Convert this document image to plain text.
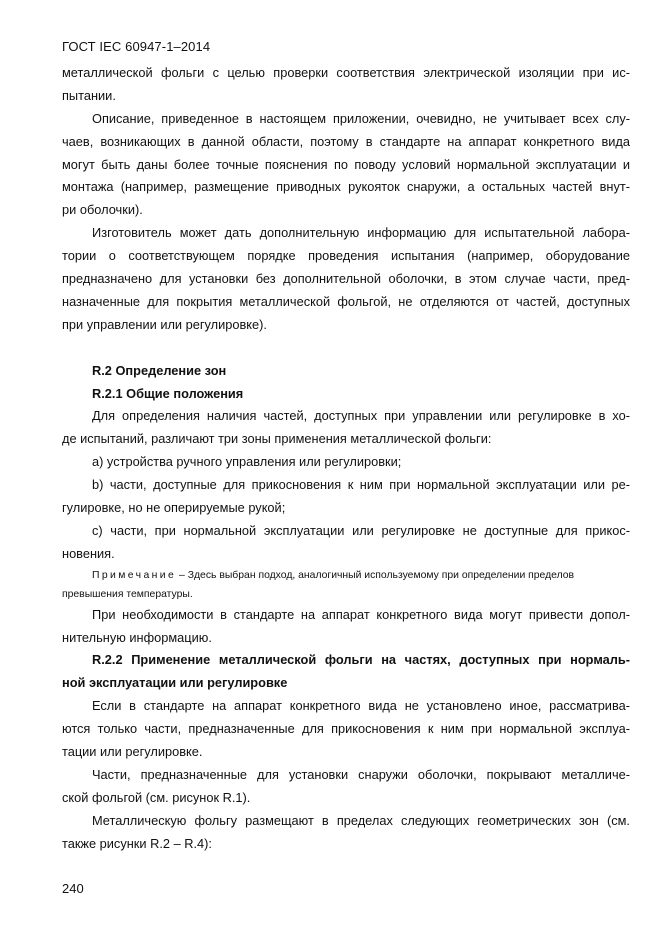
ГОСТ IEC 60947-1–2014
металлической фольги с целью проверки соответствия электрической изоляции при ис-
пытании.
Описание, приведенное в настоящем приложении, очевидно, не учитывает всех слу-
чаев, возникающих в данной области, поэтому в стандарте на аппарат конкретного вида
могут быть даны более точные пояснения по поводу условий нормальной эксплуатации и
монтажа (например, размещение приводных рукояток снаружи, а остальных частей внут-
ри оболочки).
Изготовитель может дать дополнительную информацию для испытательной лабора-
тории о соответствующем порядке проведения испытания (например, оборудование
предназначено для установки без дополнительной оболочки, в этом случае части, пред-
назначенные для покрытия металлической фольгой, не отделяются от частей, доступных
при управлении или регулировке).
R.2 Определение зон
R.2.1 Общие положения
Для определения наличия частей, доступных при управлении или регулировке в хо-
де испытаний, различают три зоны применения металлической фольги:
а) устройства ручного управления или регулировки;
b) части, доступные для прикосновения к ним при нормальной эксплуатации или ре-
гулировке, но не оперируемые рукой;
с) части, при нормальной эксплуатации или регулировке не доступные для прикос-
новения.
Примечание – Здесь выбран подход, аналогичный используемому при определении пределов
превышения температуры.
При необходимости в стандарте на аппарат конкретного вида могут привести допол-
нительную информацию.
R.2.2 Применение металлической фольги на частях, доступных при нормаль-
ной эксплуатации или регулировке
Если в стандарте на аппарат конкретного вида не установлено иное, рассматрива-
ются только части, предназначенные для прикосновения к ним при нормальной эксплуа-
тации или регулировке.
Части, предназначенные для установки снаружи оболочки, покрывают металличе-
ской фольгой (см. рисунок R.1).
Металлическую фольгу размещают в пределах следующих геометрических зон (см.
также рисунки R.2 – R.4):
240
